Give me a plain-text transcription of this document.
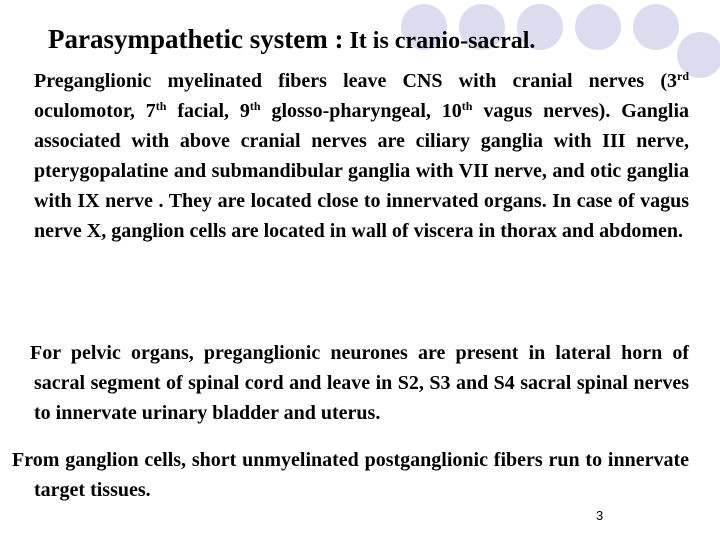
Parasympathetic system : It is cranio-sacral.

Preganglionic myelinated fibers leave CNS with cranial nerves (3rd oculomotor, 7th facial, 9th glosso-pharyngeal, 10th vagus nerves). Ganglia associated with above cranial nerves are ciliary ganglia with III nerve, pterygopalatine and submandibular ganglia with VII nerve, and otic ganglia with IX nerve . They are located close to innervated organs. In case of vagus nerve X, ganglion cells are located in wall of viscera in thorax and abdomen.

For pelvic organs, preganglionic neurones are present in lateral horn of sacral segment of spinal cord and leave in S2, S3 and S4 sacral spinal nerves to innervate urinary bladder and uterus.

From ganglion cells, short unmyelinated postganglionic fibers run to innervate target tissues.

3
